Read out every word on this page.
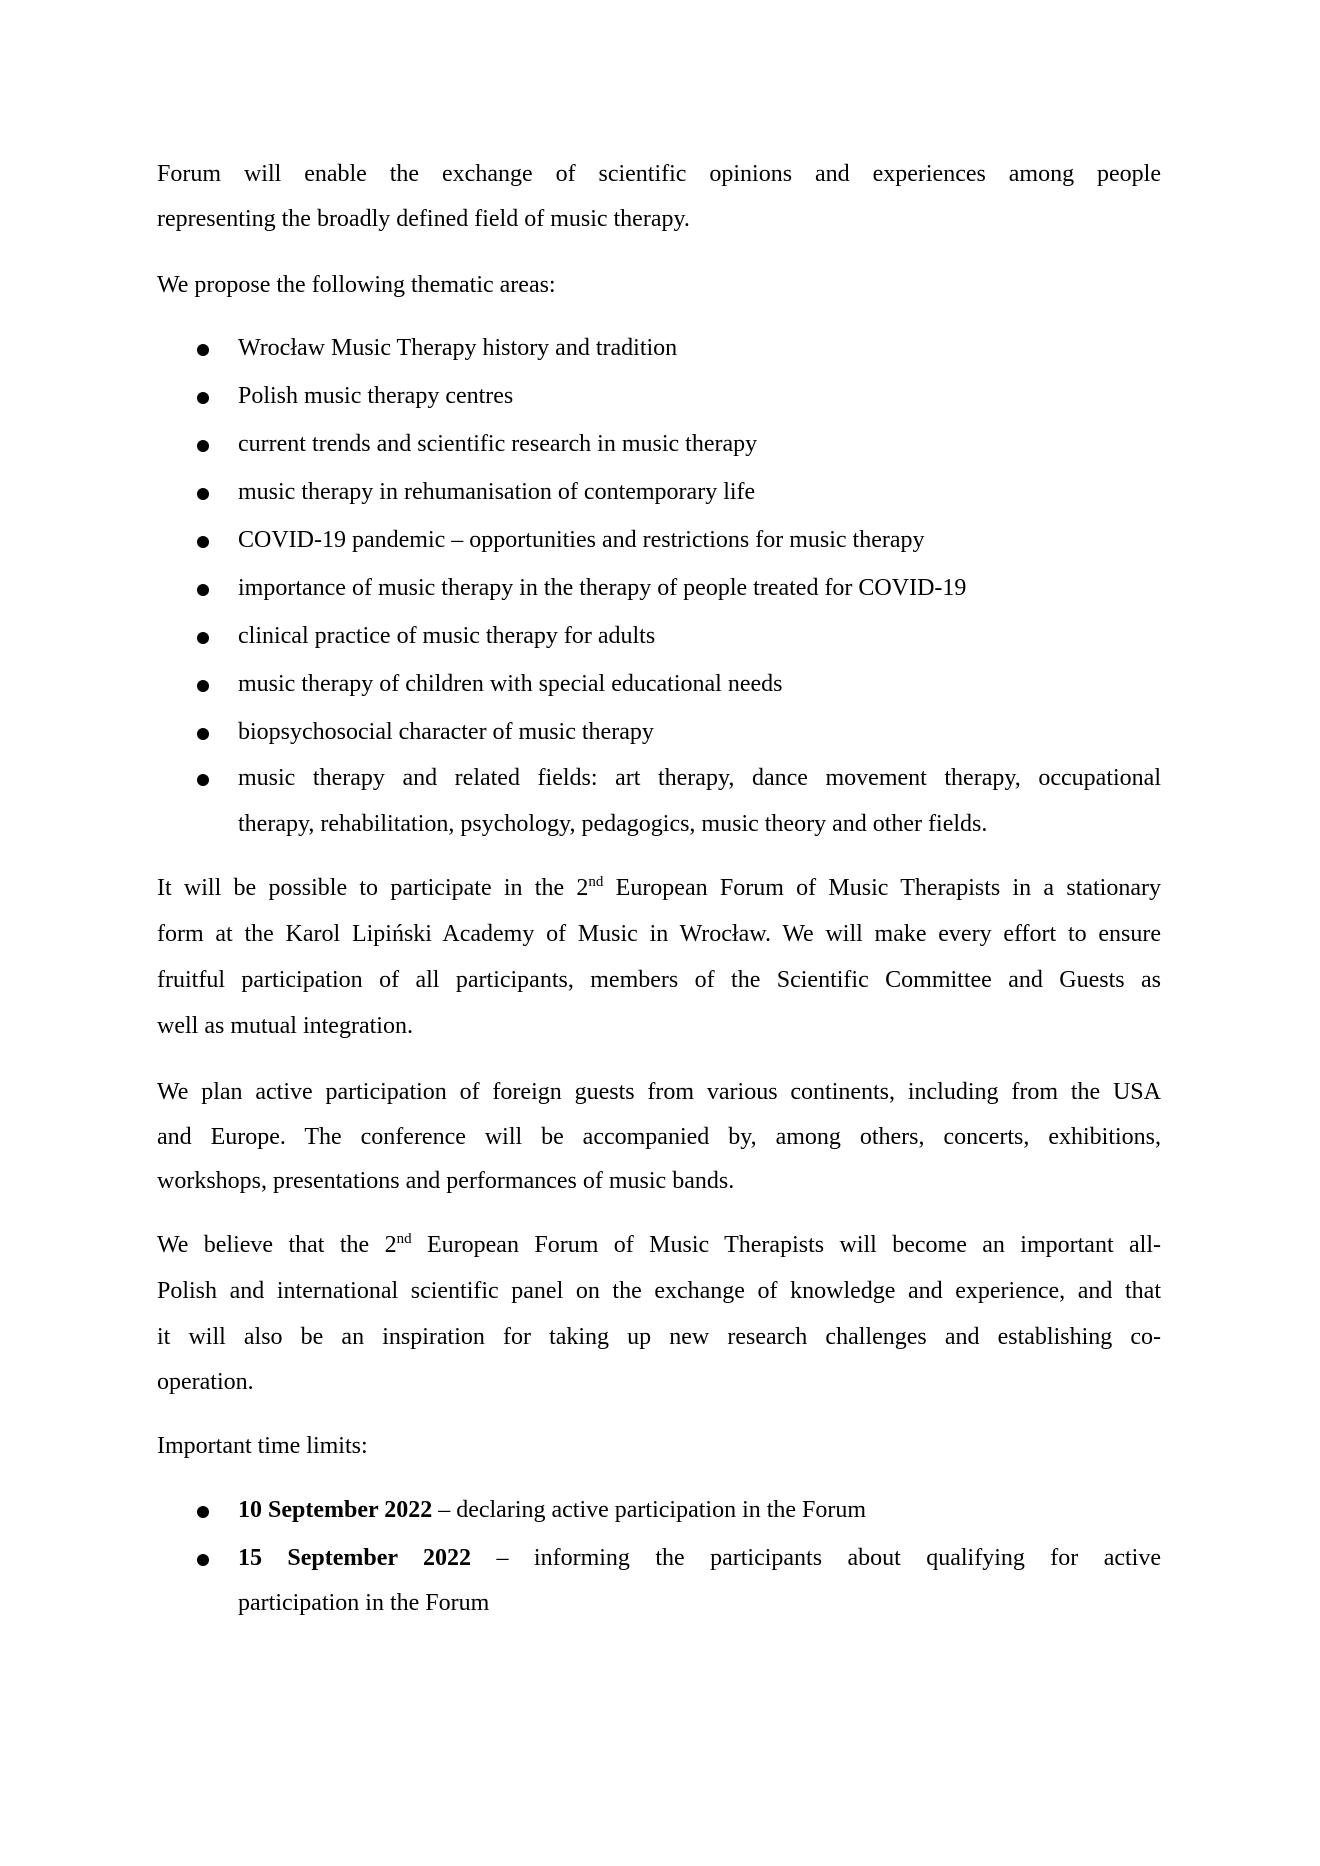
Forum will enable the exchange of scientific opinions and experiences among people
representing the broadly defined field of music therapy.
We propose the following thematic areas:
Wrocław Music Therapy history and tradition
Polish music therapy centres
current trends and scientific research in music therapy
music therapy in rehumanisation of contemporary life
COVID-19 pandemic – opportunities and restrictions for music therapy
importance of music therapy in the therapy of people treated for COVID-19
clinical practice of music therapy for adults
music therapy of children with special educational needs
biopsychosocial character of music therapy
music therapy and related fields: art therapy, dance movement therapy, occupational
therapy, rehabilitation, psychology, pedagogics, music theory and other fields.
It will be possible to participate in the 2nd European Forum of Music Therapists in a stationary
form at the Karol Lipiński Academy of Music in Wrocław. We will make every effort to ensure
fruitful participation of all participants, members of the Scientific Committee and Guests as
well as mutual integration.
We plan active participation of foreign guests from various continents, including from the USA
and Europe. The conference will be accompanied by, among others, concerts, exhibitions,
workshops, presentations and performances of music bands.
We believe that the 2nd European Forum of Music Therapists will become an important all-
Polish and international scientific panel on the exchange of knowledge and experience, and that
it will also be an inspiration for taking up new research challenges and establishing co-
operation.
Important time limits:
10 September 2022 – declaring active participation in the Forum
15 September 2022 – informing the participants about qualifying for active
participation in the Forum
